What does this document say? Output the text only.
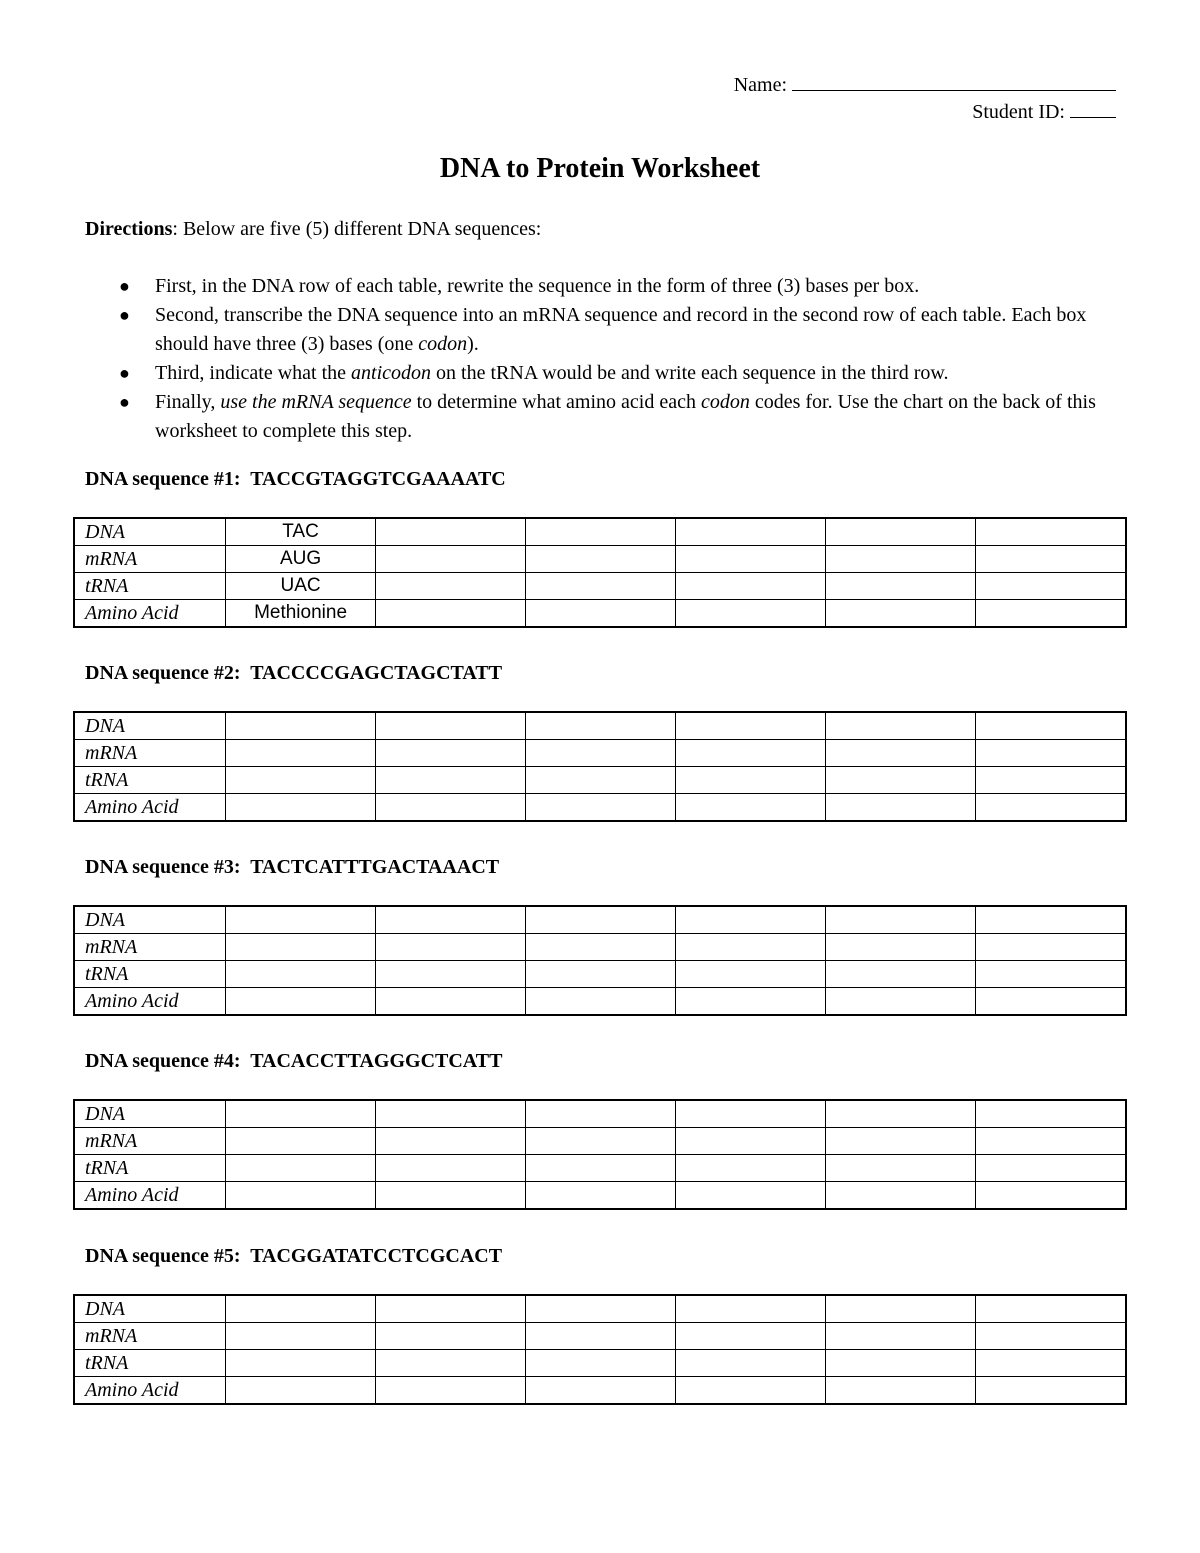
Name:
Student ID:
DNA to Protein Worksheet
Directions: Below are five (5) different DNA sequences:
● First, in the DNA row of each table, rewrite the sequence in the form of three (3) bases per box.
● Second, transcribe the DNA sequence into an mRNA sequence and record in the second row of each table. Each box should have three (3) bases (one codon).
● Third, indicate what the anticodon on the tRNA would be and write each sequence in the third row.
● Finally, use the mRNA sequence to determine what amino acid each codon codes for. Use the chart on the back of this worksheet to complete this step.
DNA sequence #1: TACCGTAGGTCGAAAATC
DNA	TAC					
mRNA	AUG					
tRNA	UAC					
Amino Acid	Methionine					
DNA sequence #2: TACCCCGAGCTAGCTATT
DNA						
mRNA						
tRNA						
Amino Acid						
DNA sequence #3: TACTCATTTGACTAAACT
DNA						
mRNA						
tRNA						
Amino Acid						
DNA sequence #4: TACACCTTAGGGCTCATT
DNA						
mRNA						
tRNA						
Amino Acid						
DNA sequence #5: TACGGATATCCTCGCACT
DNA						
mRNA						
tRNA						
Amino Acid						
